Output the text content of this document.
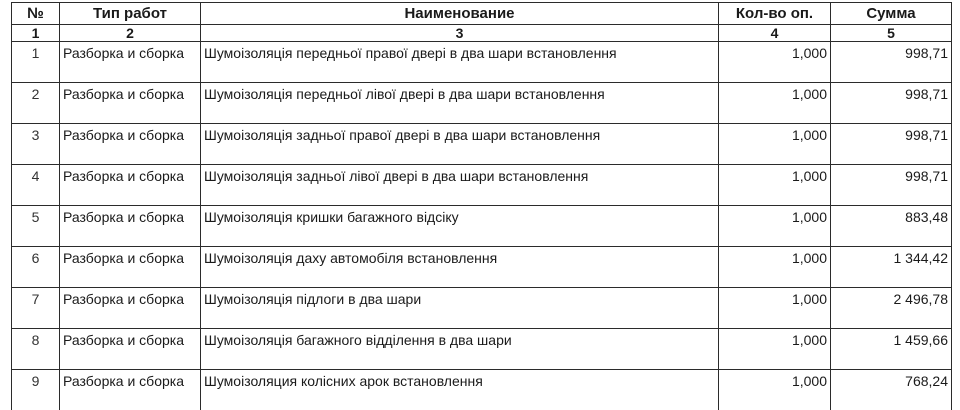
№	Тип работ	Наименование	Кол-во оп.	Сумма
1	2	3	4	5
1	Разборка и сборка	Шумоізоляція передньої правої двері в два шари встановлення	1,000	998,71
2	Разборка и сборка	Шумоізоляція передньої лівої двері в два шари встановлення	1,000	998,71
3	Разборка и сборка	Шумоізоляція задньої правої двері в два шари встановлення	1,000	998,71
4	Разборка и сборка	Шумоізоляція задньої лівої двері в два шари встановлення	1,000	998,71
5	Разборка и сборка	Шумоізоляція кришки багажного відсіку	1,000	883,48
6	Разборка и сборка	Шумоізоляція даху автомобіля встановлення	1,000	1 344,42
7	Разборка и сборка	Шумоізоляція підлоги в два шари	1,000	2 496,78
8	Разборка и сборка	Шумоізоляція багажного відділення в два шари	1,000	1 459,66
9	Разборка и сборка	Шумоізоляция колісних арок встановлення	1,000	768,24
